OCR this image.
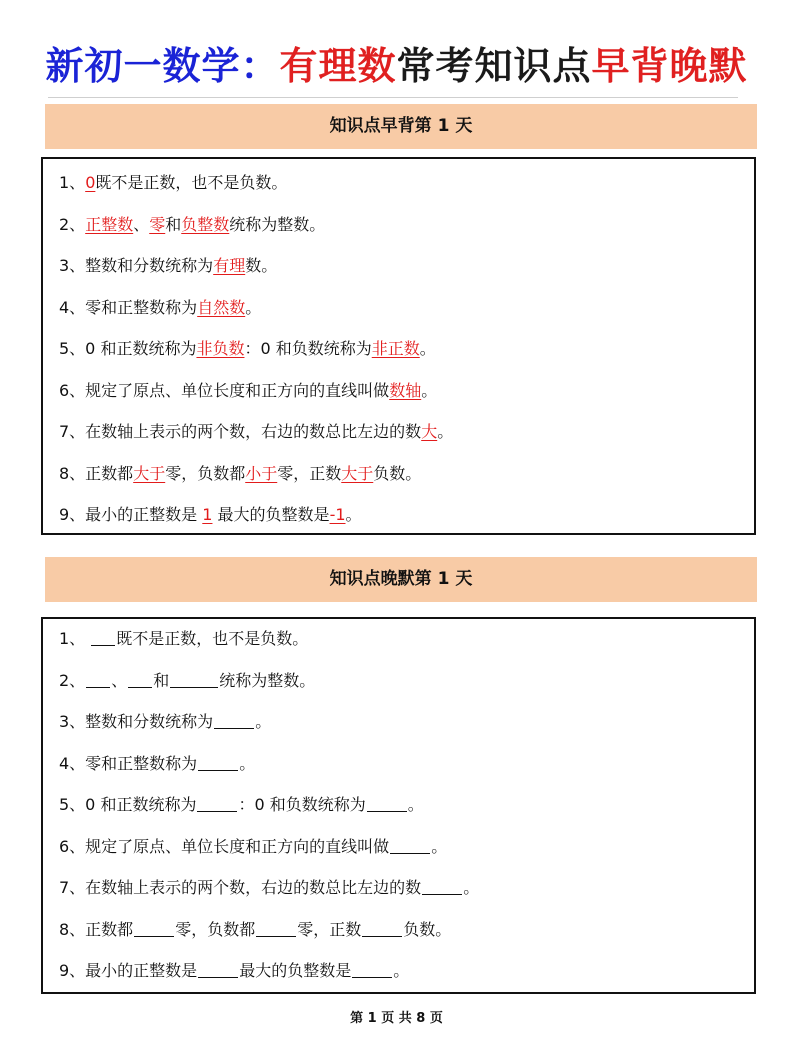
新初一数学：有理数常考知识点早背晚默
知识点早背第 1 天
1、0既不是正数，也不是负数。
2、正整数、零和负整数统称为整数。
3、整数和分数统称为有理数。
4、零和正整数称为自然数。
5、0 和正数统称为非负数：0 和负数统称为非正数。
6、规定了原点、单位长度和正方向的直线叫做数轴。
7、在数轴上表示的两个数，右边的数总比左边的数大。
8、正数都大于零，负数都小于零，正数大于负数。
9、最小的正整数是 1 最大的负整数是-1。
知识点晚默第 1 天
1、 既不是正数，也不是负数。
2、 、 和	统称为整数。
3、整数和分数统称为	。
4、零和正整数称为	。
5、0 和正数统称为	：0 和负数统称为	。
6、规定了原点、单位长度和正方向的直线叫做	。
7、在数轴上表示的两个数，右边的数总比左边的数	。
8、正数都	零，负数都	零，正数	负数。
9、最小的正整数是	最大的负整数是	。
第 1 页 共 8 页
